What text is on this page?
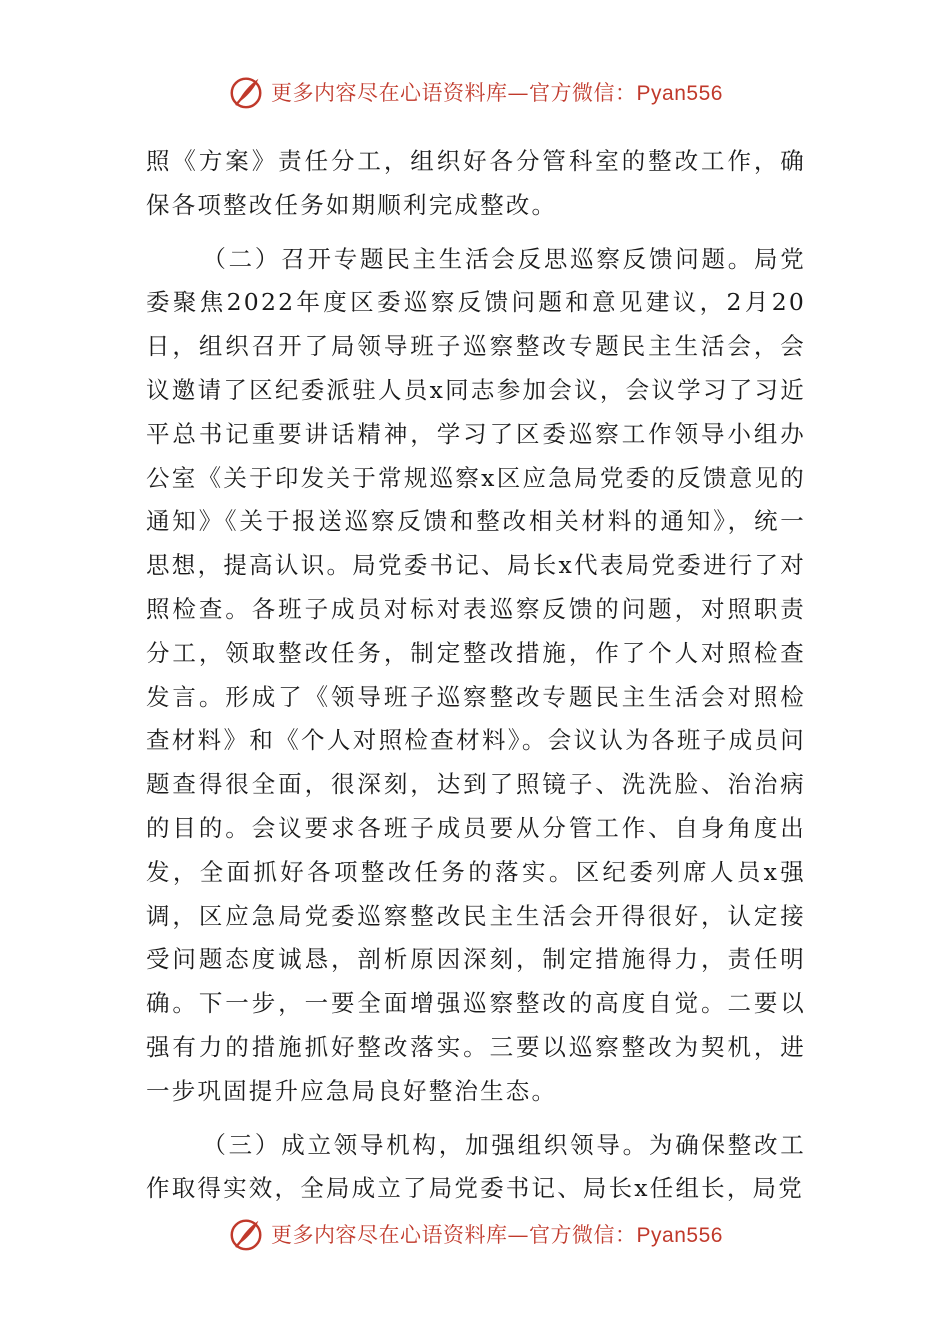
更多内容尽在心语资料库—官方微信：Pyan556

照《方案》责任分工，组织好各分管科室的整改工作，确保各项整改任务如期顺利完成整改。

（二）召开专题民主生活会反思巡察反馈问题。局党委聚焦2022年度区委巡察反馈问题和意见建议，2月20日，组织召开了局领导班子巡察整改专题民主生活会，会议邀请了区纪委派驻人员x同志参加会议，会议学习了习近平总书记重要讲话精神，学习了区委巡察工作领导小组办公室《关于印发关于常规巡察x区应急局党委的反馈意见的通知》《关于报送巡察反馈和整改相关材料的通知》，统一思想，提高认识。局党委书记、局长x代表局党委进行了对照检查。各班子成员对标对表巡察反馈的问题，对照职责分工，领取整改任务，制定整改措施，作了个人对照检查发言。形成了《领导班子巡察整改专题民主生活会对照检查材料》和《个人对照检查材料》。会议认为各班子成员问题查得很全面，很深刻，达到了照镜子、洗洗脸、治治病的目的。会议要求各班子成员要从分管工作、自身角度出发，全面抓好各项整改任务的落实。区纪委列席人员x强调，区应急局党委巡察整改民主生活会开得很好，认定接受问题态度诚恳，剖析原因深刻，制定措施得力，责任明确。下一步，一要全面增强巡察整改的高度自觉。二要以强有力的措施抓好整改落实。三要以巡察整改为契机，进一步巩固提升应急局良好整治生态。

（三）成立领导机构，加强组织领导。为确保整改工作取得实效，全局成立了局党委书记、局长x任组长，局党

更多内容尽在心语资料库—官方微信：Pyan556
